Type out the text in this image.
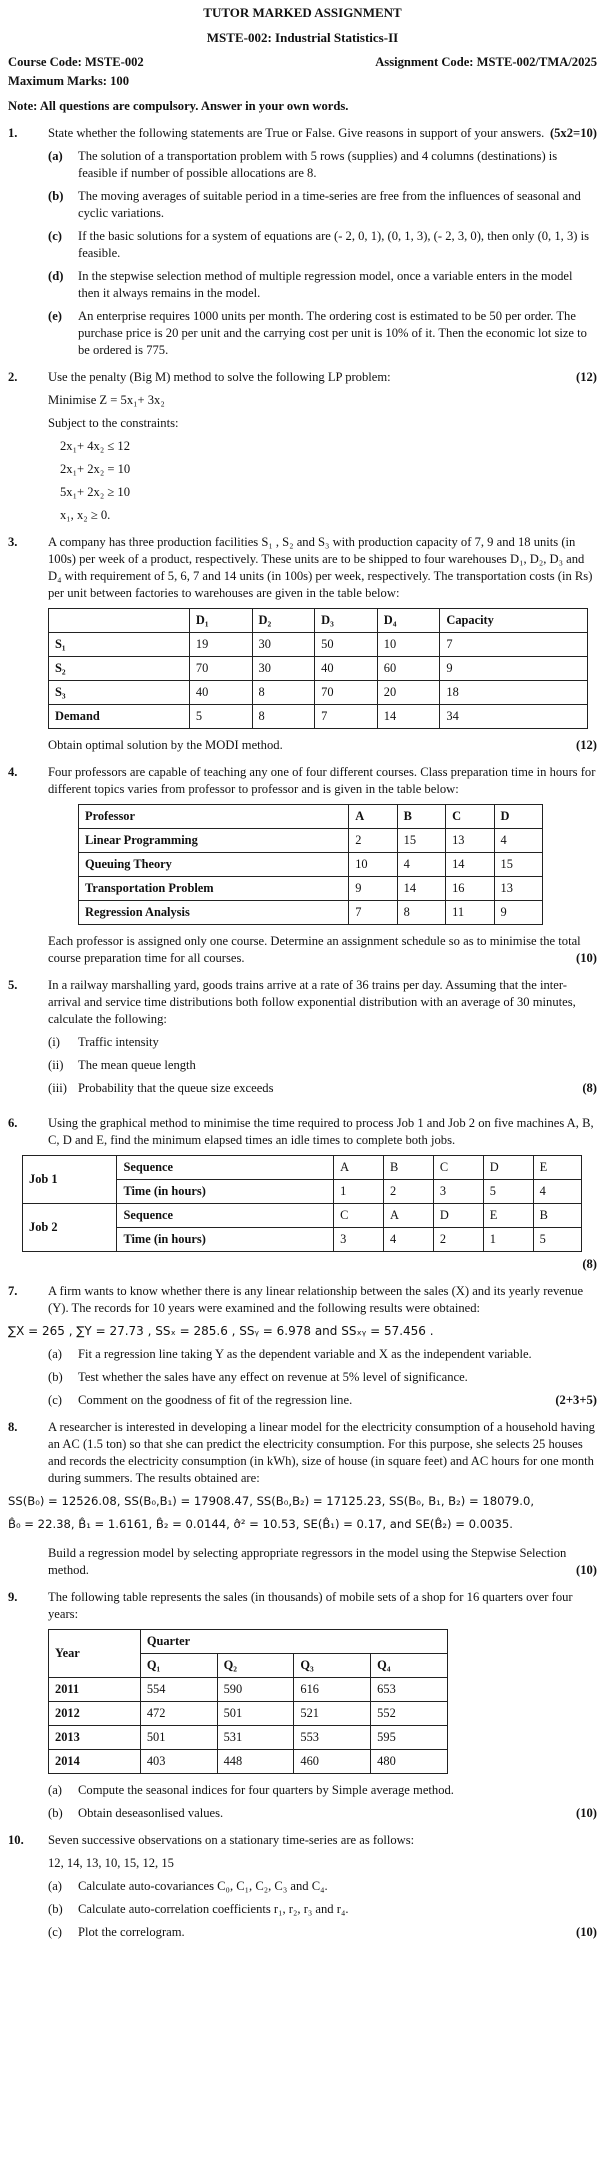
TUTOR MARKED ASSIGNMENT
MSTE-002: Industrial Statistics-II
Course Code: MSTE-002	Assignment Code: MSTE-002/TMA/2025
Maximum Marks: 100
Note: All questions are compulsory. Answer in your own words.
1.	State whether the following statements are True or False. Give reasons in support of your answers. (5x2=10)
(a) The solution of a transportation problem with 5 rows (supplies) and 4 columns (destinations) is feasible if number of possible allocations are 8.
(b) The moving averages of suitable period in a time-series are free from the influences of seasonal and cyclic variations.
(c) If the basic solutions for a system of equations are (- 2, 0, 1), (0, 1, 3), (- 2, 3, 0), then only (0, 1, 3) is feasible.
(d) In the stepwise selection method of multiple regression model, once a variable enters in the model then it always remains in the model.
(e) An enterprise requires 1000 units per month. The ordering cost is estimated to be 50 per order. The purchase price is 20 per unit and the carrying cost per unit is 10% of it. Then the economic lot size to be ordered is 775.
2.	Use the penalty (Big M) method to solve the following LP problem:	(12)
Minimise Z = 5x₁+ 3x₂
Subject to the constraints:
2x₁+ 4x₂ ≤ 12
2x₁+ 2x₂ = 10
5x₁+ 2x₂ ≥ 10
x₁, x₂ ≥ 0.
3.	A company has three production facilities S₁ , S₂ and S₃ with production capacity of 7, 9 and 18 units (in 100s) per week of a product, respectively. These units are to be shipped to four warehouses D₁, D₂, D₃ and D₄ with requirement of 5, 6, 7 and 14 units (in 100s) per week, respectively. The transportation costs (in Rs) per unit between factories to warehouses are given in the table below:
	D₁	D₂	D₃	D₄	Capacity
S₁	19	30	50	10	7
S₂	70	30	40	60	9
S₃	40	8	70	20	18
Demand	5	8	7	14	34
Obtain optimal solution by the MODI method.	(12)
4.	Four professors are capable of teaching any one of four different courses. Class preparation time in hours for different topics varies from professor to professor and is given in the table below:
Professor	A	B	C	D
Linear Programming	2	15	13	4
Queuing Theory	10	4	14	15
Transportation Problem	9	14	16	13
Regression Analysis	7	8	11	9
Each professor is assigned only one course. Determine an assignment schedule so as to minimise the total course preparation time for all courses.	(10)
5.	In a railway marshalling yard, goods trains arrive at a rate of 36 trains per day. Assuming that the inter-arrival and service time distributions both follow exponential distribution with an average of 30 minutes, calculate the following:
(i) Traffic intensity
(ii) The mean queue length
(iii) Probability that the queue size exceeds	(8)
6.	Using the graphical method to minimise the time required to process Job 1 and Job 2 on five machines A, B, C, D and E, find the minimum elapsed times an idle times to complete both jobs.
Job 1	Sequence	A	B	C	D	E
	Time (in hours)	1	2	3	5	4
Job 2	Sequence	C	A	D	E	B
	Time (in hours)	3	4	2	1	5
(8)
7.	A firm wants to know whether there is any linear relationship between the sales (X) and its yearly revenue (Y). The records for 10 years were examined and the following results were obtained:
∑X = 265 , ∑Y = 27.73 , SSₓ = 285.6 , SSᵧ = 6.978 and SSₓᵧ = 57.456 .
(a) Fit a regression line taking Y as the dependent variable and X as the independent variable.
(b) Test whether the sales have any effect on revenue at 5% level of significance.
(c) Comment on the goodness of fit of the regression line.	(2+3+5)
8.	A researcher is interested in developing a linear model for the electricity consumption of a household having an AC (1.5 ton) so that she can predict the electricity consumption. For this purpose, she selects 25 houses and records the electricity consumption (in kWh), size of house (in square feet) and AC hours for one month during summers. The results obtained are:
SS(B₀) = 12526.08, SS(B₀,B₁) = 17908.47, SS(B₀,B₂) = 17125.23, SS(B₀, B₁, B₂) = 18079.0,
B̂₀ = 22.38, B̂₁ = 1.6161, B̂₂ = 0.0144, σ̂² = 10.53, SE(B̂₁) = 0.17, and SE(B̂₂) = 0.0035.
Build a regression model by selecting appropriate regressors in the model using the Stepwise Selection method.	(10)
9.	The following table represents the sales (in thousands) of mobile sets of a shop for 16 quarters over four years:
Year	Quarter			
	Q₁	Q₂	Q₃	Q₄
2011	554	590	616	653
2012	472	501	521	552
2013	501	531	553	595
2014	403	448	460	480
(a) Compute the seasonal indices for four quarters by Simple average method.
(b) Obtain deseasonlised values.	(10)
10.	Seven successive observations on a stationary time-series are as follows:
12, 14, 13, 10, 15, 12, 15
(a) Calculate auto-covariances C₀, C₁, C₂, C₃ and C₄.
(b) Calculate auto-correlation coefficients r₁, r₂, r₃ and r₄.
(c) Plot the correlogram.	(10)
